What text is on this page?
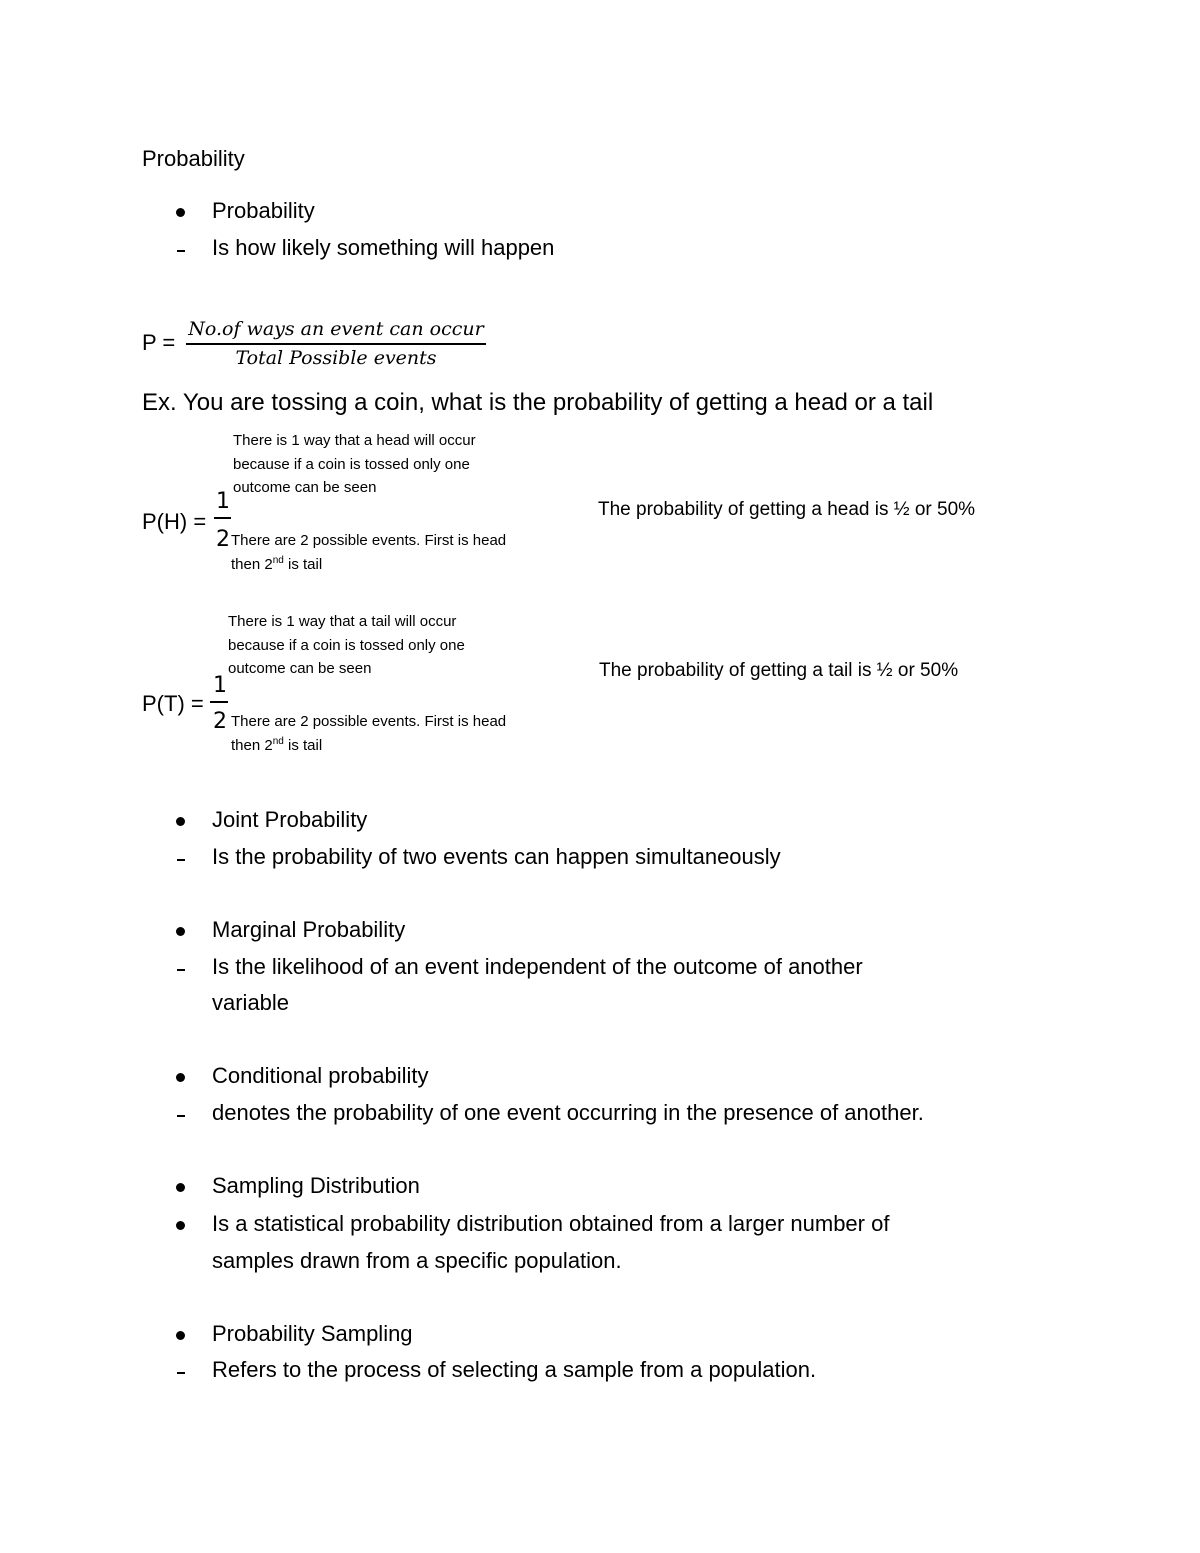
Probability
Probability
Is how likely something will happen
P =
No.of ways an event can occur
Total Possible events
Ex. You are tossing a coin, what is the probability of getting a head or a tail
There is 1 way that a head will occur
because if a coin is tossed only one
outcome can be seen
P(H) =
1
2 There are 2 possible events. First is head
then 2nd is tail
The probability of getting a head is ½ or 50%
There is 1 way that a tail will occur
because if a coin is tossed only one
outcome can be seen
P(T) =
1
2 There are 2 possible events. First is head
then 2nd is tail
The probability of getting a tail is ½ or 50%
Joint Probability
Is the probability of two events can happen simultaneously
Marginal Probability
Is the likelihood of an event independent of the outcome of another
variable
Conditional probability
denotes the probability of one event occurring in the presence of another.
Sampling Distribution
Is a statistical probability distribution obtained from a larger number of
samples drawn from a specific population.
Probability Sampling
Refers to the process of selecting a sample from a population.
